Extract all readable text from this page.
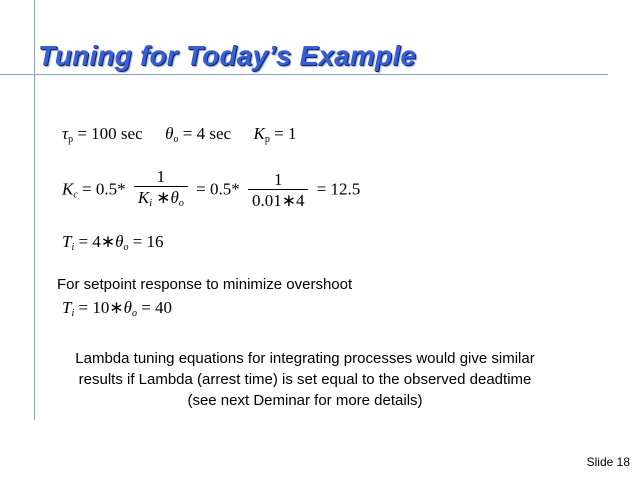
Tuning for Today’s Example
$\tau_p = 100$ $\sec \theta_o = 4$ $\sec K_p = 1$
$K_c = 0.5* \frac{1}{K_i ∗\theta_o} = 0.5* \frac{1}{0.01∗4} = 12.5$
$T_i$ = $4∗\theta_o = 16$
For setpoint response to minimize overshoot
$T_i$ = $10∗\theta_o = 40$
Lambda tuning equations for integrating processes would give similar
results if Lambda (arrest time) is set equal to the observed deadtime
(see next Deminar for more details)
Slide 18
